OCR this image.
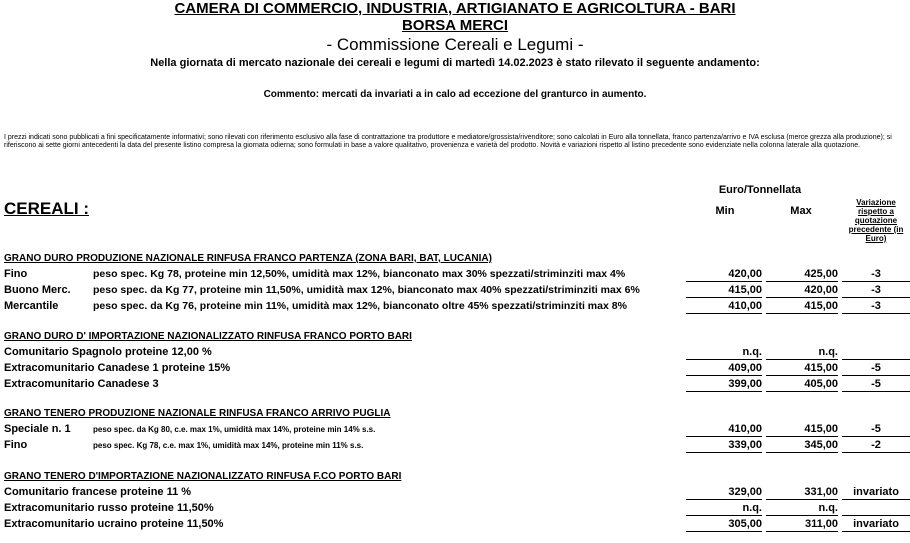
CAMERA DI COMMERCIO, INDUSTRIA, ARTIGIANATO E AGRICOLTURA - BARI
BORSA MERCI
- Commissione Cereali e Legumi -
Nella giornata di mercato nazionale dei cereali e legumi di martedì 14.02.2023 è stato rilevato il seguente andamento:
Commento: mercati da invariati a in calo ad eccezione del granturco in aumento.
I prezzi indicati sono pubblicati a fini specificatamente informativi; sono rilevati con riferimento esclusivo alla fase di contrattazione tra produttore e mediatore/grossista/rivenditore; sono calcolati in Euro alla tonnellata, franco partenza/arrivo e IVA esclusa (merce grezza alla produzione); si riferiscono ai sette giorni antecedenti la data del presente listino compresa la giornata odierna; sono formulati in base a valore qualitativo, provenienza e varietà del prodotto. Novità e variazioni rispetto al listino precedente sono evidenziate nella colonna laterale alla quotazione.
Euro/Tonnellata
Min	Max
Variazione rispetto a quotazione precedente (in Euro)
CEREALI :
GRANO DURO PRODUZIONE NAZIONALE RINFUSA FRANCO PARTENZA (ZONA BARI, BAT, LUCANIA)
Fino	peso spec. Kg 78, proteine min 12,50%, umidità max 12%, bianconato max 30% spezzati/striminziti max 4%	420,00	425,00	-3
Buono Merc. peso spec. da Kg 77, proteine min 11,50%, umidità max 12%, bianconato max 40% spezzati/striminziti max 6%	415,00	420,00	-3
Mercantile	peso spec. da Kg 76, proteine min 11%, umidità max 12%, bianconato oltre 45% spezzati/striminziti max 8%	410,00	415,00	-3
GRANO DURO D' IMPORTAZIONE NAZIONALIZZATO RINFUSA FRANCO PORTO BARI
Comunitario Spagnolo proteine 12,00 %	n.q.	n.q.
Extracomunitario Canadese 1 proteine 15%	409,00	415,00	-5
Extracomunitario Canadese 3	399,00	405,00	-5
GRANO TENERO PRODUZIONE NAZIONALE RINFUSA FRANCO ARRIVO PUGLIA
Speciale n. 1	peso spec. da Kg 80, c.e. max 1%, umidità max 14%, proteine min 14% s.s.	410,00	415,00	-5
Fino	peso spec. Kg 78, c.e. max 1%, umidità max 14%, proteine min 11% s.s.	339,00	345,00	-2
GRANO TENERO D'IMPORTAZIONE NAZIONALIZZATO RINFUSA F.CO PORTO BARI
Comunitario francese proteine 11 %	329,00	331,00	invariato
Extracomunitario russo proteine 11,50%	n.q.	n.q.
Extracomunitario ucraino proteine 11,50%	305,00	311,00	invariato
